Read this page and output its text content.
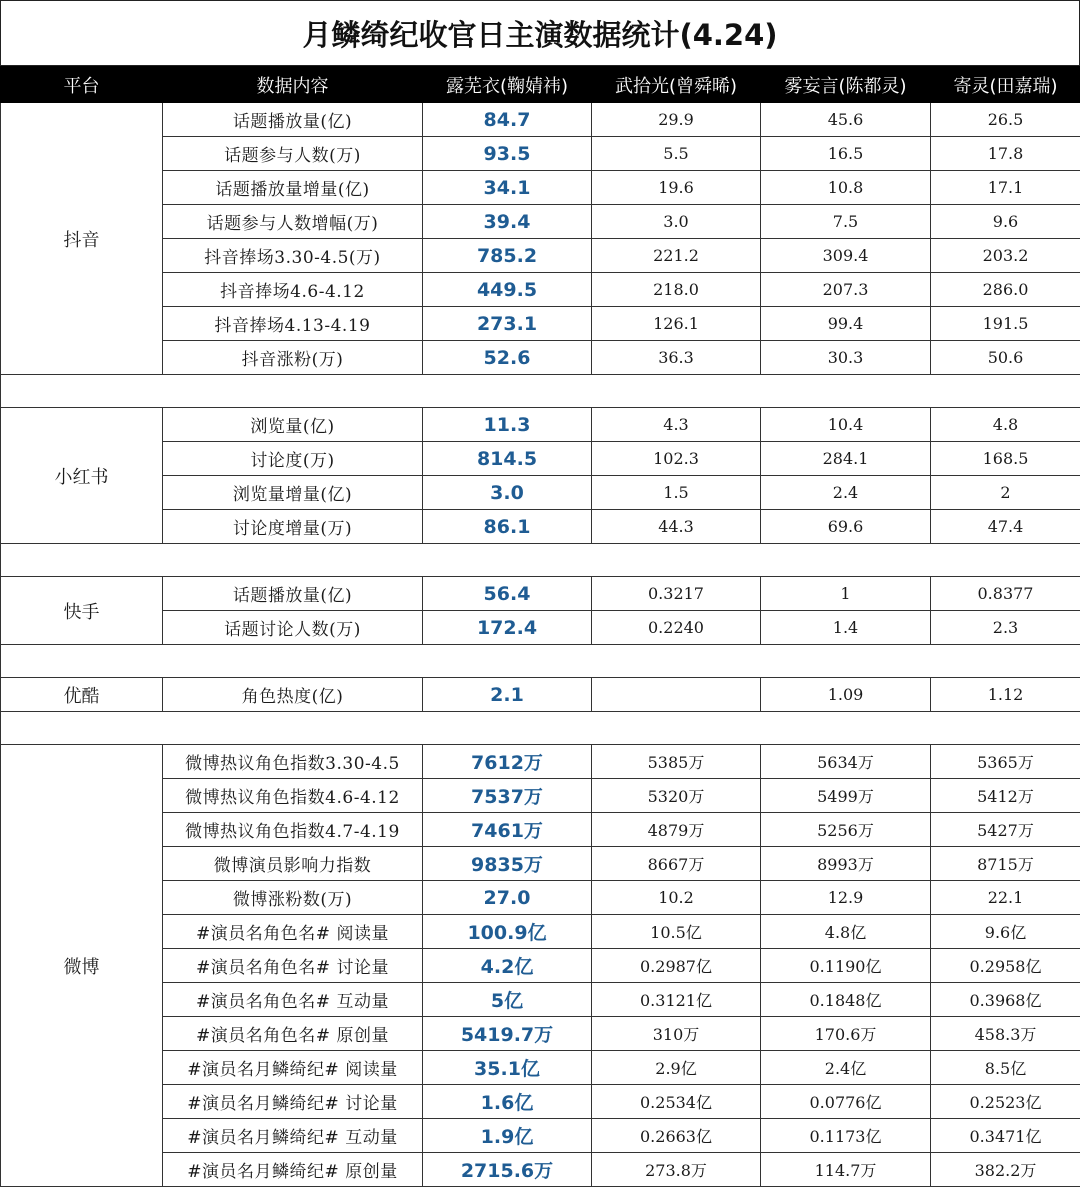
月鳞绮纪收官日主演数据统计(4.24)
平台	数据内容	露芜衣(鞠婧祎)	武拾光(曾舜晞)	雾妄言(陈都灵)	寄灵(田嘉瑞)
抖音	话题播放量(亿)	84.7	29.9	45.6	26.5
	话题参与人数(万)	93.5	5.5	16.5	17.8
	话题播放量增量(亿)	34.1	19.6	10.8	17.1
	话题参与人数增幅(万)	39.4	3.0	7.5	9.6
	抖音捧场3.30-4.5(万)	785.2	221.2	309.4	203.2
	抖音捧场4.6-4.12	449.5	218.0	207.3	286.0
	抖音捧场4.13-4.19	273.1	126.1	99.4	191.5
	抖音涨粉(万)	52.6	36.3	30.3	50.6

小红书	浏览量(亿)	11.3	4.3	10.4	4.8
	讨论度(万)	814.5	102.3	284.1	168.5
	浏览量增量(亿)	3.0	1.5	2.4	2
	讨论度增量(万)	86.1	44.3	69.6	47.4

快手	话题播放量(亿)	56.4	0.3217	1	0.8377
	话题讨论人数(万)	172.4	0.2240	1.4	2.3

优酷	角色热度(亿)	2.1		1.09	1.12

微博	微博热议角色指数3.30-4.5	7612万	5385万	5634万	5365万
	微博热议角色指数4.6-4.12	7537万	5320万	5499万	5412万
	微博热议角色指数4.7-4.19	7461万	4879万	5256万	5427万
	微博演员影响力指数	9835万	8667万	8993万	8715万
	微博涨粉数(万)	27.0	10.2	12.9	22.1
	#演员名角色名# 阅读量	100.9亿	10.5亿	4.8亿	9.6亿
	#演员名角色名# 讨论量	4.2亿	0.2987亿	0.1190亿	0.2958亿
	#演员名角色名# 互动量	5亿	0.3121亿	0.1848亿	0.3968亿
	#演员名角色名# 原创量	5419.7万	310万	170.6万	458.3万
	#演员名月鳞绮纪# 阅读量	35.1亿	2.9亿	2.4亿	8.5亿
	#演员名月鳞绮纪# 讨论量	1.6亿	0.2534亿	0.0776亿	0.2523亿
	#演员名月鳞绮纪# 互动量	1.9亿	0.2663亿	0.1173亿	0.3471亿
	#演员名月鳞绮纪# 原创量	2715.6万	273.8万	114.7万	382.2万
